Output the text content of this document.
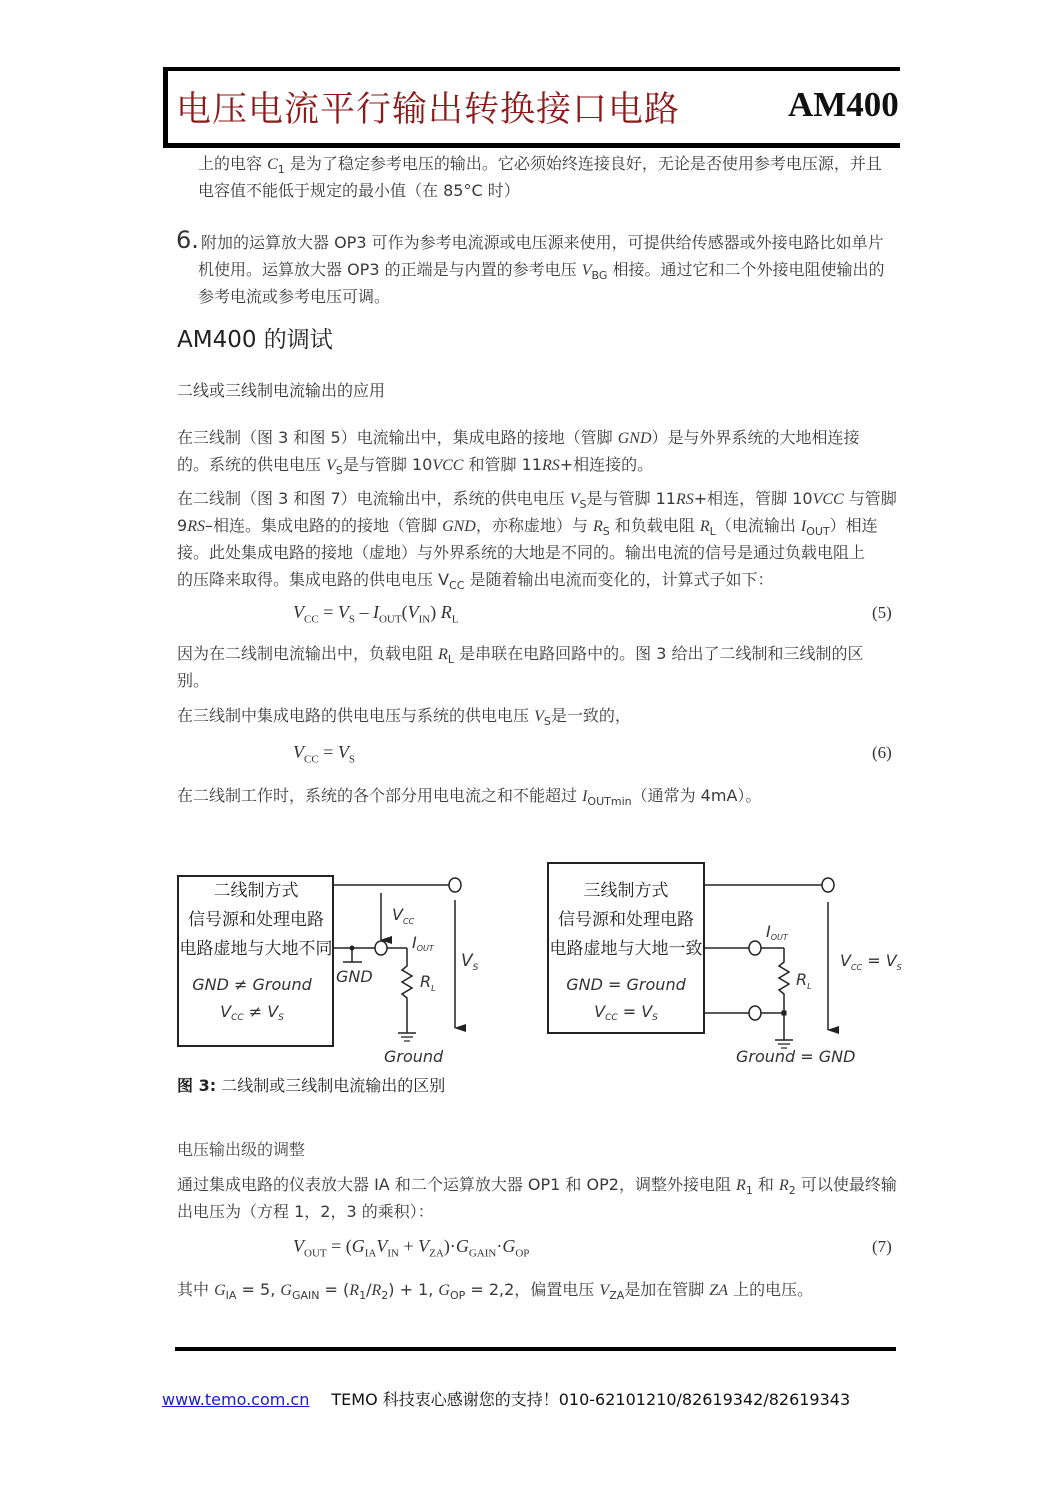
电压电流平行输出转换接口电路	AM400
上的电容 $C_1$ 是为了稳定参考电压的输出。它必须始终连接良好，无论是否使用参考电压源，并且
电容值不能低于规定的最小值（在 85°C 时）
6. 附加的运算放大器 OP3 可作为参考电流源或电压源来使用，可提供给传感器或外接电路比如单片
机使用。运算放大器 OP3 的正端是与内置的参考电压 $V_{BG}$ 相接。通过它和二个外接电阻使输出的
参考电流或参考电压可调。
AM400 的调试
二线或三线制电流输出的应用
在三线制（图 3 和图 5）电流输出中，集成电路的接地（管脚 GND）是与外界系统的大地相连接
的。系统的供电电压 $V_S$是与管脚 10VCC 和管脚 11RS+相连接的。
在二线制（图 3 和图 7）电流输出中，系统的供电电压 $V_S$是与管脚 11RS+相连，管脚 10VCC 与管脚
9RS–相连。集成电路的的接地（管脚 GND，亦称虚地）与 $R_S$ 和负载电阻 $R_L$（电流输出 $I_{OUT}$）相连
接。此处集成电路的接地（虚地）与外界系统的大地是不同的。输出电流的信号是通过负载电阻上
的压降来取得。集成电路的供电电压 $V_{CC}$ 是随着输出电流而变化的，计算式子如下：
$V_{CC} = V_S - I_{OUT}(V_{IN})$ $R_L$	(5)
因为在二线制电流输出中，负载电阻 $R_L$ 是串联在电路回路中的。图 3 给出了二线制和三线制的区
别。
在三线制中集成电路的供电电压与系统的供电电压 $V_S$是一致的，
$V_{CC} = V_S$	(6)
在二线制工作时，系统的各个部分用电电流之和不能超过 $I_{OUTmin}$（通常为 4mA）。
二线制方式
信号源和处理电路
电路虚地与大地不同
GND ≠ Ground
VCC ≠ VS
$V_S$
$V_{CC}$
GND
IOUT
$R_L$
Ground
三线制方式
信号源和处理电路
电路虚地与大地一致
GND = Ground
VCC = VS
$V_{CC} = V_S$
IOUT
$R_L$
Ground = GND
图 3: 二线制或三线制电流输出的区别
电压输出级的调整
通过集成电路的仪表放大器 IA 和二个运算放大器 OP1 和 OP2，调整外接电阻 $R_1$ 和 $R_2$ 可以使最终输
出电压为（方程 1，2，3 的乘积）：
$V_{OUT} = (G_{IA}V_{IN} + V_{ZA})\cdot G_{GAIN}\cdot G_{OP}$	(7)
其中 $G_{IA} = 5$, $G_{GAIN} = (R_1/R_2) + 1$, $G_{OP} = 2,2$，偏置电压 $V_{ZA}$是加在管脚 ZA 上的电压。
www.temo.com.cn TEMO 科技衷心感谢您的支持！010-62101210/82619342/82619343
